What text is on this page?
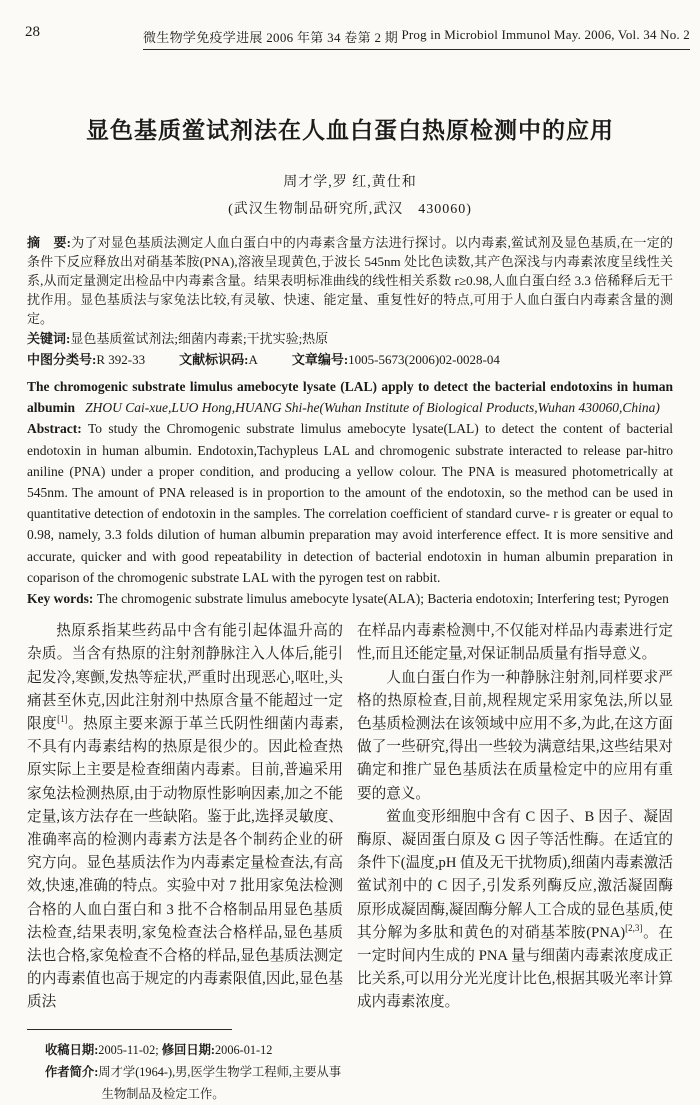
28	微生物学免疫学进展 2006 年第 34 卷第 2 期 Prog in Microbiol Immunol May. 2006, Vol. 34 No. 2
显色基质鲎试剂法在人血白蛋白热原检测中的应用
周才学,罗 红,黄仕和
(武汉生物制品研究所,武汉　430060)

摘　要:为了对显色基质法测定人血白蛋白中的内毒素含量方法进行探讨。以内毒素,鲎试剂及显色基质,在一定的条件下反应释放出对硝基苯胺(PNA),溶液呈现黄色,于波长 545nm 处比色读数,其产色深浅与内毒素浓度呈线性关系,从而定量测定出检品中内毒素含量。结果表明标准曲线的线性相关系数 r≥0.98,人血白蛋白经 3.3 倍稀释后无干扰作用。显色基质法与家兔法比较,有灵敏、快速、能定量、重复性好的特点,可用于人血白蛋白内毒素含量的测定。

关键词:显色基质鲎试剂法;细菌内毒素;干扰实验;热原

中图分类号:R 392-33	文献标识码:A	文章编号:1005-5673(2006)02-0028-04

The chromogenic substrate limulus amebocyte lysate (LAL) apply to detect the bacterial endotoxins in human albumin ZHOU Cai-xue,LUO Hong,HUANG Shi-he(Wuhan Institute of Biological Products,Wuhan 430060,China)

Abstract: To study the Chromogenic substrate limulus amebocyte lysate(LAL) to detect the content of bacterial endotoxin in human albumin. Endotoxin,Tachypleus LAL and chromogenic substrate interacted to release par-hitro aniline (PNA) under a proper condition, and producing a yellow colour. The PNA is measured photometrically at 545nm. The amount of PNA released is in proportion to the amount of the endotoxin, so the method can be used in quantitative detection of endotoxin in the samples. The correlation coefficient of standard curve- r is greater or equal to 0.98, namely, 3.3 folds dilution of human albumin preparation may avoid interference effect. It is more sensitive and accurate, quicker and with good repeatability in detection of bacterial endotoxin in human albumin preparation in coparison of the chromogenic substrate LAL with the pyrogen test on rabbit.

Key words: The chromogenic substrate limulus amebocyte lysate(ALA); Bacteria endotoxin; Interfering test; Pyrogen

热原系指某些药品中含有能引起体温升高的杂质。当含有热原的注射剂静脉注入人体后,能引起发冷,寒颤,发热等症状,严重时出现恶心,呕吐,头痛甚至休克,因此注射剂中热原含量不能超过一定限度[1]。热原主要来源于革兰氏阴性细菌内毒素,不具有内毒素结构的热原是很少的。因此检查热原实际上主要是检查细菌内毒素。目前,普遍采用家兔法检测热原,由于动物原性影响因素,加之不能定量,该方法存在一些缺陷。鉴于此,选择灵敏度、准确率高的检测内毒素方法是各个制药企业的研究方向。显色基质法作为内毒素定量检查法,有高效,快速,准确的特点。实验中对 7 批用家兔法检测合格的人血白蛋白和 3 批不合格制品用显色基质法检查,结果表明,家兔检查法合格样品,显色基质法也合格,家兔检查不合格的样品,显色基质法测定的内毒素值也高于规定的内毒素限值,因此,显色基质法

收稿日期:2005-11-02; 修回日期:2006-01-12

作者简介:周才学(1964-),男,医学生物学工程师,主要从事生物制品及检定工作。

在样品内毒素检测中,不仅能对样品内毒素进行定性,而且还能定量,对保证制品质量有指导意义。

人血白蛋白作为一种静脉注射剂,同样要求严格的热原检查,目前,规程规定采用家兔法,所以显色基质检测法在该领域中应用不多,为此,在这方面做了一些研究,得出一些较为满意结果,这些结果对确定和推广显色基质法在质量检定中的应用有重要的意义。

鲎血变形细胞中含有 C 因子、B 因子、凝固酶原、凝固蛋白原及 G 因子等活性酶。在适宜的条件下(温度,pH 值及无干扰物质),细菌内毒素激活鲎试剂中的 C 因子,引发系列酶反应,激活凝固酶原形成凝固酶,凝固酶分解人工合成的显色基质,使其分解为多肽和黄色的对硝基苯胺(PNA)[2,3]。在一定时间内生成的 PNA 量与细菌内毒素浓度成正比关系,可以用分光光度计比色,根据其吸光率计算成内毒素浓度。
